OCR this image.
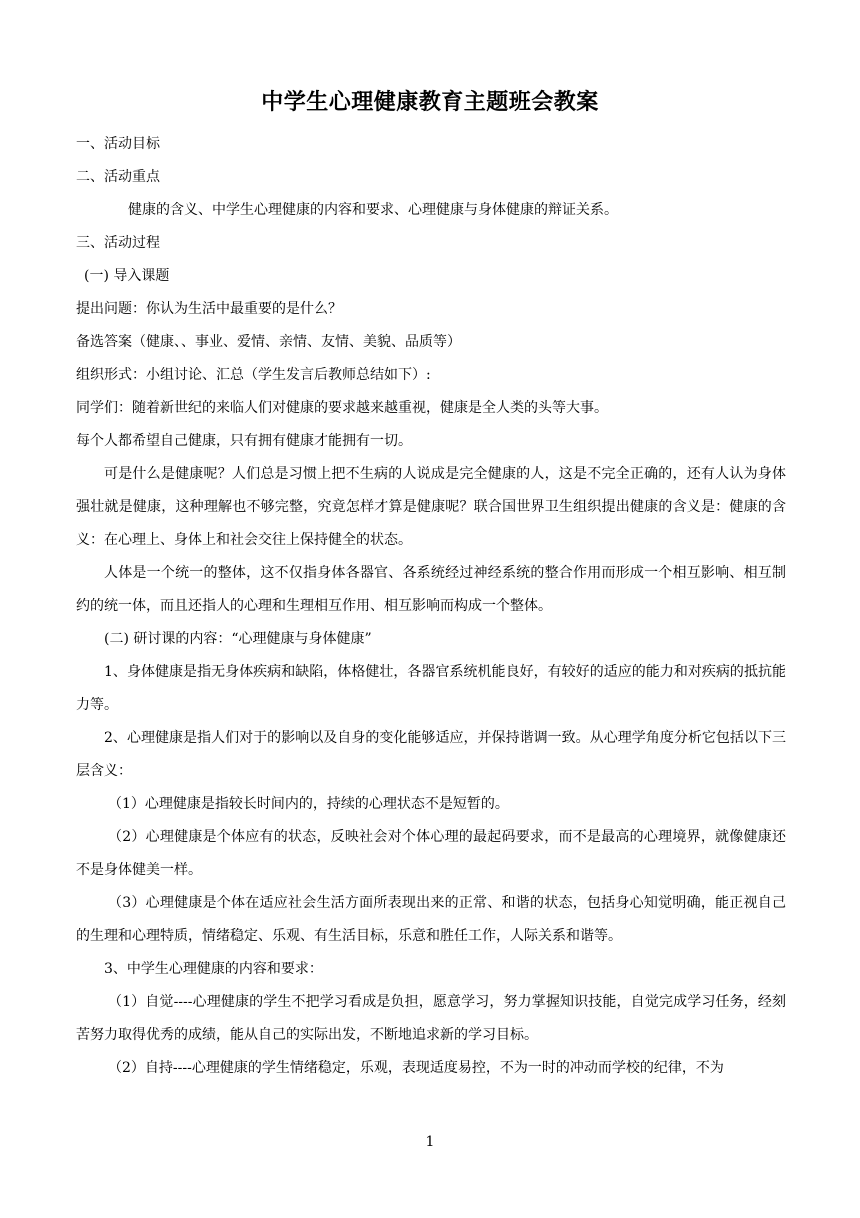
中学生心理健康教育主题班会教案

一、活动目标

二、活动重点

健康的含义、中学生心理健康的内容和要求、心理健康与身体健康的辩证关系。

三、活动过程

(一) 导入课题

提出问题：你认为生活中最重要的是什么？

备选答案（健康、、事业、爱情、亲情、友情、美貌、品质等）

组织形式：小组讨论、汇总（学生发言后教师总结如下）:

同学们：随着新世纪的来临人们对健康的要求越来越重视，健康是全人类的头等大事。

每个人都希望自己健康，只有拥有健康才能拥有一切。

可是什么是健康呢？人们总是习惯上把不生病的人说成是完全健康的人，这是不完全正确的，还有人认为身体强壮就是健康，这种理解也不够完整，究竟怎样才算是健康呢？联合国世界卫生组织提出健康的含义是：健康的含义：在心理上、身体上和社会交往上保持健全的状态。

人体是一个统一的整体，这不仅指身体各器官、各系统经过神经系统的整合作用而形成一个相互影响、相互制约的统一体，而且还指人的心理和生理相互作用、相互影响而构成一个整体。

(二) 研讨课的内容：“心理健康与身体健康”

1、身体健康是指无身体疾病和缺陷，体格健壮，各器官系统机能良好，有较好的适应的能力和对疾病的抵抗能力等。

2、心理健康是指人们对于的影响以及自身的变化能够适应，并保持谐调一致。从心理学角度分析它包括以下三层含义：

（1）心理健康是指较长时间内的，持续的心理状态不是短暂的。

（2）心理健康是个体应有的状态，反映社会对个体心理的最起码要求，而不是最高的心理境界，就像健康还不是身体健美一样。

（3）心理健康是个体在适应社会生活方面所表现出来的正常、和谐的状态，包括身心知觉明确，能正视自己的生理和心理特质，情绪稳定、乐观、有生活目标，乐意和胜任工作，人际关系和谐等。

3、中学生心理健康的内容和要求：

（1）自觉----心理健康的学生不把学习看成是负担，愿意学习，努力掌握知识技能，自觉完成学习任务，经刻苦努力取得优秀的成绩，能从自己的实际出发，不断地追求新的学习目标。

（2）自持----心理健康的学生情绪稳定，乐观，表现适度易控，不为一时的冲动而学校的纪律，不为

1
